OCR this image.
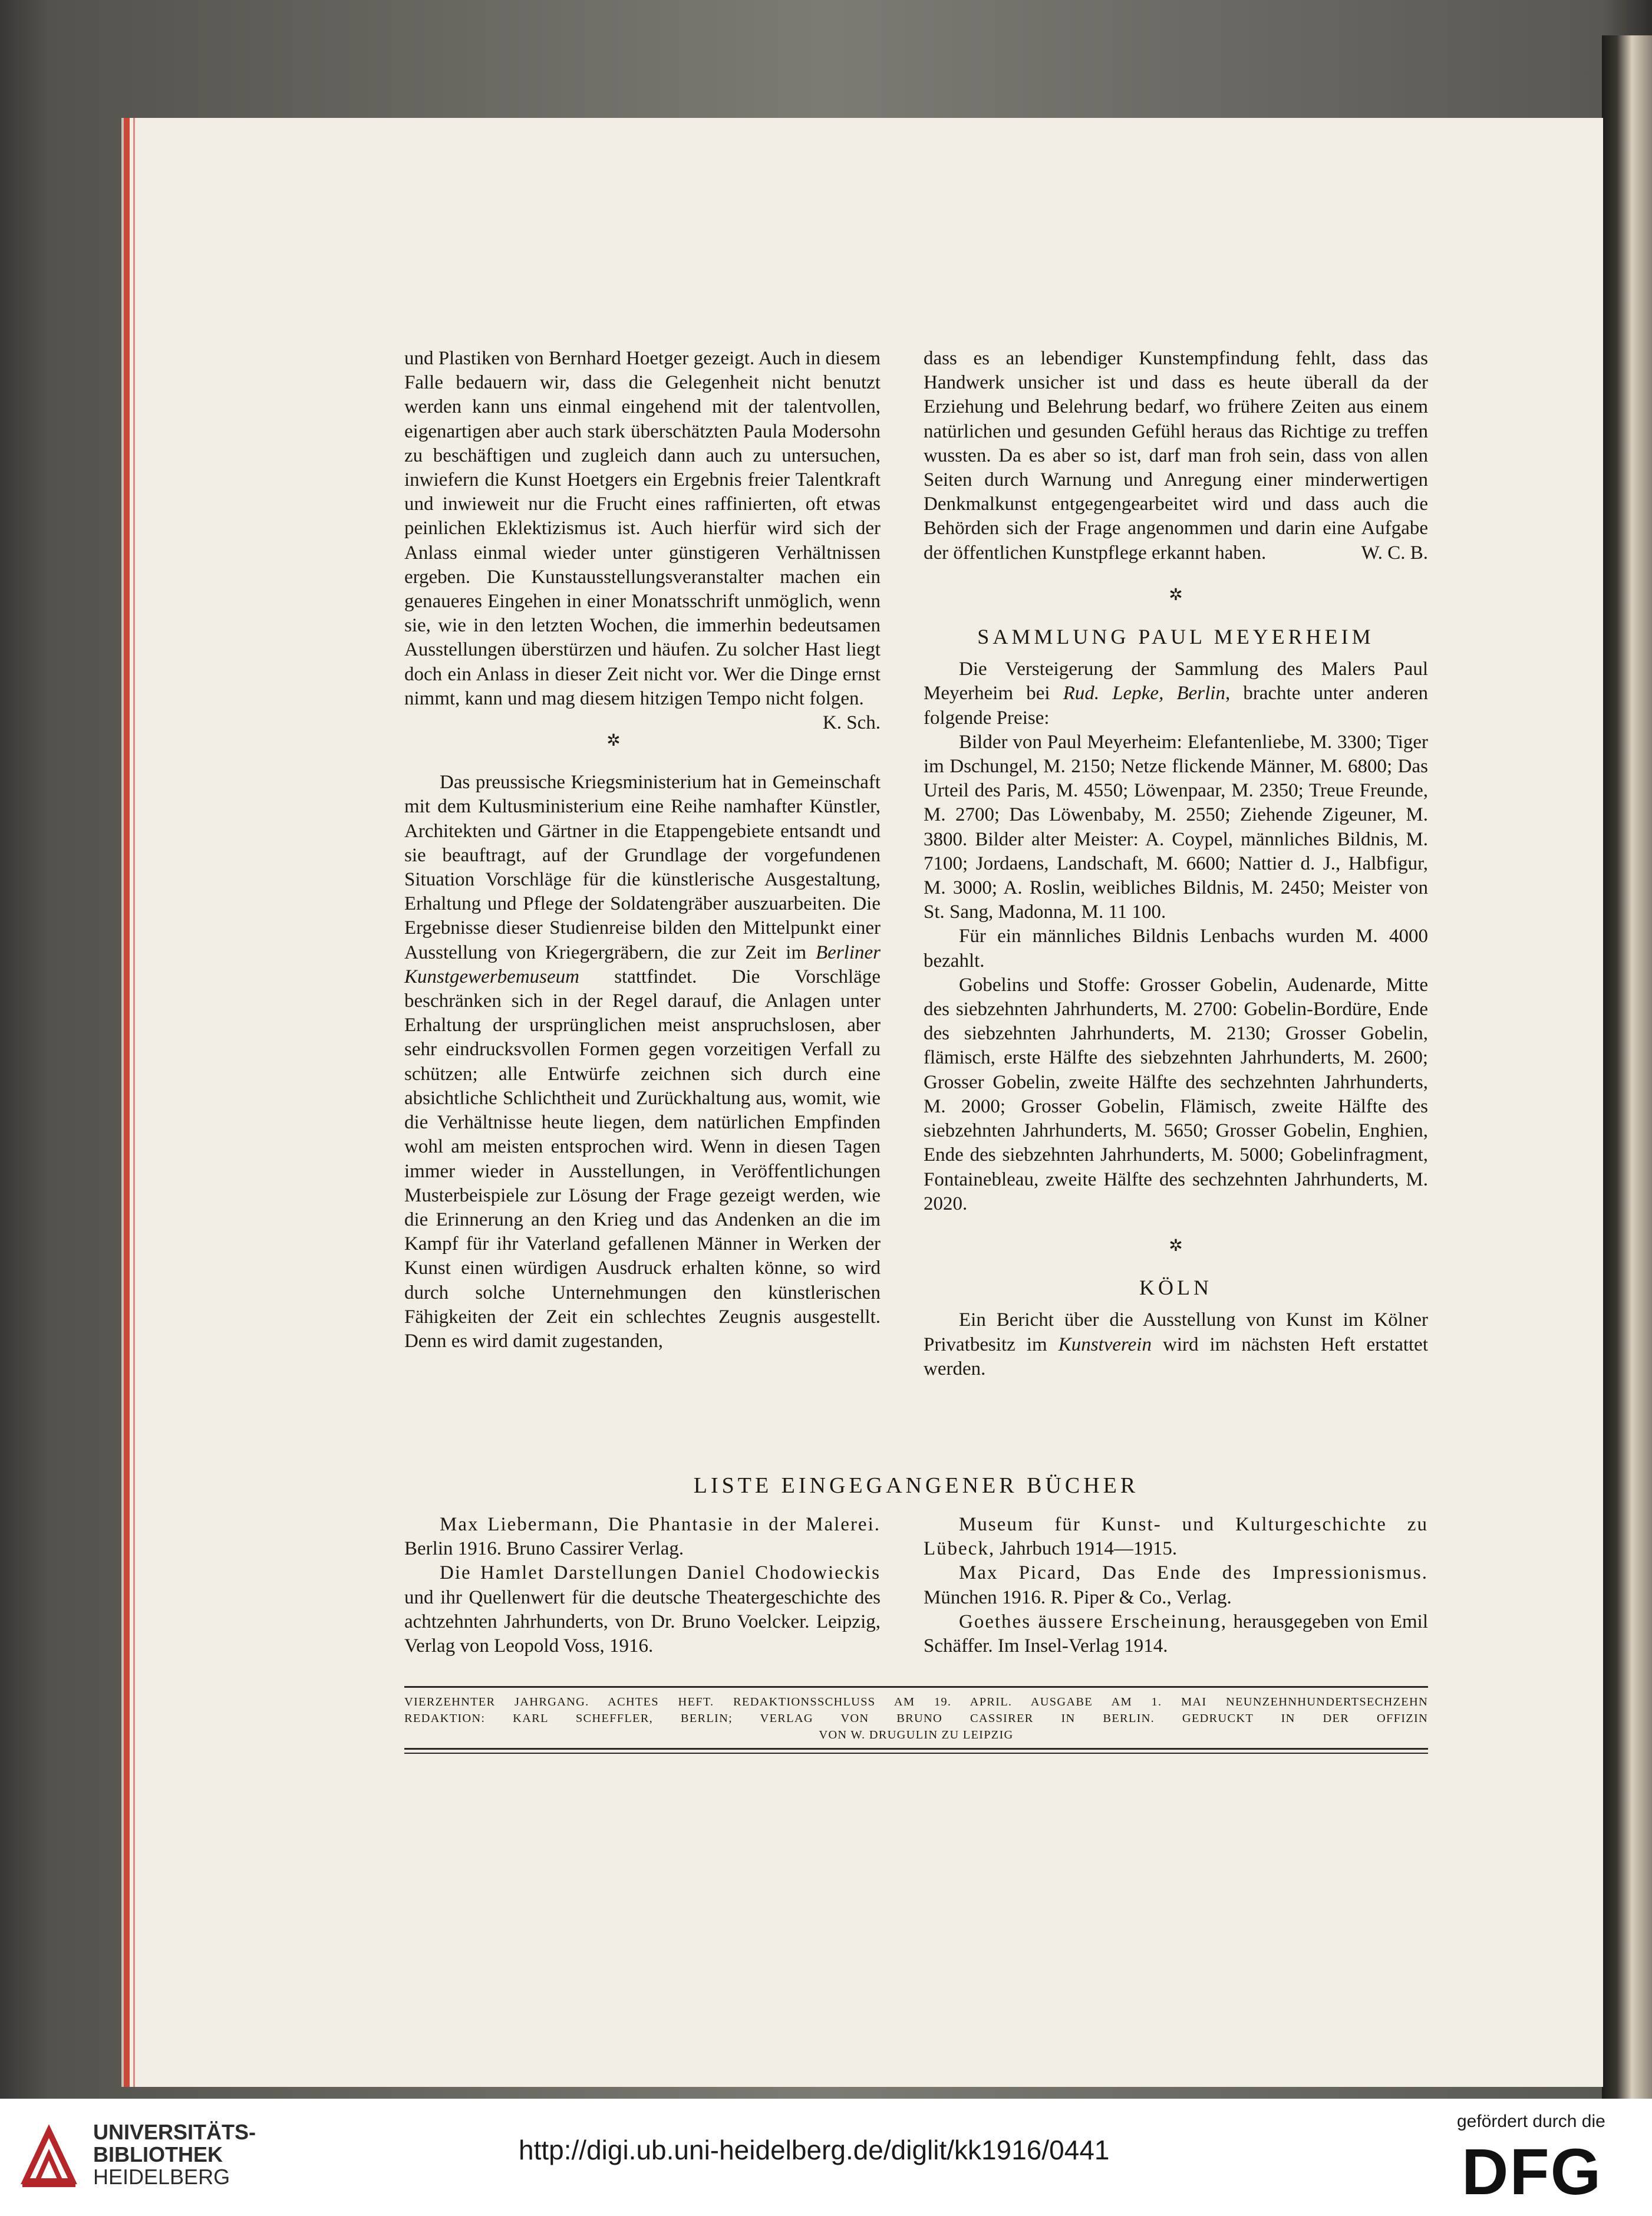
und Plastiken von Bernhard Hoetger gezeigt. Auch in diesem Falle bedauern wir, dass die Gelegenheit nicht benutzt werden kann uns einmal eingehend mit der talentvollen, eigenartigen aber auch stark überschätzten Paula Modersohn zu beschäftigen und zugleich dann auch zu untersuchen, inwiefern die Kunst Hoetgers ein Ergebnis freier Talentkraft und inwieweit nur die Frucht eines raffinierten, oft etwas peinlichen Eklektizismus ist. Auch hierfür wird sich der Anlass einmal wieder unter günstigeren Verhältnissen ergeben. Die Kunstausstellungsveranstalter machen ein genaueres Eingehen in einer Monatsschrift unmöglich, wenn sie, wie in den letzten Wochen, die immerhin bedeutsamen Ausstellungen überstürzen und häufen. Zu solcher Hast liegt doch ein Anlass in dieser Zeit nicht vor. Wer die Dinge ernst nimmt, kann und mag diesem hitzigen Tempo nicht folgen.
K. Sch.

✲

Das preussische Kriegsministerium hat in Gemeinschaft mit dem Kultusministerium eine Reihe namhafter Künstler, Architekten und Gärtner in die Etappengebiete entsandt und sie beauftragt, auf der Grundlage der vorgefundenen Situation Vorschläge für die künstlerische Ausgestaltung, Erhaltung und Pflege der Soldatengräber auszuarbeiten. Die Ergebnisse dieser Studienreise bilden den Mittelpunkt einer Ausstellung von Kriegergräbern, die zur Zeit im Berliner Kunstgewerbemuseum stattfindet. Die Vorschläge beschränken sich in der Regel darauf, die Anlagen unter Erhaltung der ursprünglichen meist anspruchslosen, aber sehr eindrucksvollen Formen gegen vorzeitigen Verfall zu schützen; alle Entwürfe zeichnen sich durch eine absichtliche Schlichtheit und Zurückhaltung aus, womit, wie die Verhältnisse heute liegen, dem natürlichen Empfinden wohl am meisten entsprochen wird. Wenn in diesen Tagen immer wieder in Ausstellungen, in Veröffentlichungen Musterbeispiele zur Lösung der Frage gezeigt werden, wie die Erinnerung an den Krieg und das Andenken an die im Kampf für ihr Vaterland gefallenen Männer in Werken der Kunst einen würdigen Ausdruck erhalten könne, so wird durch solche Unternehmungen den künstlerischen Fähigkeiten der Zeit ein schlechtes Zeugnis ausgestellt. Denn es wird damit zugestanden,

dass es an lebendiger Kunstempfindung fehlt, dass das Handwerk unsicher ist und dass es heute überall da der Erziehung und Belehrung bedarf, wo frühere Zeiten aus einem natürlichen und gesunden Gefühl heraus das Richtige zu treffen wussten. Da es aber so ist, darf man froh sein, dass von allen Seiten durch Warnung und Anregung einer minderwertigen Denkmalkunst entgegengearbeitet wird und dass auch die Behörden sich der Frage angenommen und darin eine Aufgabe der öffentlichen Kunstpflege erkannt haben.	W. C. B.

✲
SAMMLUNG PAUL MEYERHEIM

Die Versteigerung der Sammlung des Malers Paul Meyerheim bei Rud. Lepke, Berlin, brachte unter anderen folgende Preise:

Bilder von Paul Meyerheim: Elefantenliebe, M. 3300; Tiger im Dschungel, M. 2150; Netze flickende Männer, M. 6800; Das Urteil des Paris, M. 4550; Löwenpaar, M. 2350; Treue Freunde, M. 2700; Das Löwenbaby, M. 2550; Ziehende Zigeuner, M. 3800. Bilder alter Meister: A. Coypel, männliches Bildnis, M. 7100; Jordaens, Landschaft, M. 6600; Nattier d. J., Halbfigur, M. 3000; A. Roslin, weibliches Bildnis, M. 2450; Meister von St. Sang, Madonna, M. 11 100.

Für ein männliches Bildnis Lenbachs wurden M. 4000 bezahlt.

Gobelins und Stoffe: Grosser Gobelin, Audenarde, Mitte des siebzehnten Jahrhunderts, M. 2700: Gobelin-Bordüre, Ende des siebzehnten Jahrhunderts, M. 2130; Grosser Gobelin, flämisch, erste Hälfte des siebzehnten Jahrhunderts, M. 2600; Grosser Gobelin, zweite Hälfte des sechzehnten Jahrhunderts, M. 2000; Grosser Gobelin, Flämisch, zweite Hälfte des siebzehnten Jahrhunderts, M. 5650; Grosser Gobelin, Enghien, Ende des siebzehnten Jahrhunderts, M. 5000; Gobelinfragment, Fontainebleau, zweite Hälfte des sechzehnten Jahrhunderts, M. 2020.

✲
KÖLN

Ein Bericht über die Ausstellung von Kunst im Kölner Privatbesitz im Kunstverein wird im nächsten Heft erstattet werden.

LISTE EINGEGANGENER BÜCHER

Max Liebermann, Die Phantasie in der Malerei. Berlin 1916. Bruno Cassirer Verlag.

Die Hamlet Darstellungen Daniel Chodowieckis und ihr Quellenwert für die deutsche Theatergeschichte des achtzehnten Jahrhunderts, von Dr. Bruno Voelcker. Leipzig, Verlag von Leopold Voss, 1916.

Museum für Kunst- und Kulturgeschichte zu Lübeck, Jahrbuch 1914—1915.

Max Picard, Das Ende des Impressionismus. München 1916. R. Piper & Co., Verlag.

Goethes äussere Erscheinung, herausgegeben von Emil Schäffer. Im Insel-Verlag 1914.

VIERZEHNTER JAHRGANG. ACHTES HEFT. REDAKTIONSSCHLUSS AM 19. APRIL. AUSGABE AM 1. MAI NEUNZEHNHUNDERTSECHZEHN
REDAKTION: KARL SCHEFFLER, BERLIN; VERLAG VON BRUNO CASSIRER IN BERLIN. GEDRUCKT IN DER OFFIZIN
VON W. DRUGULIN ZU LEIPZIG
UNIVERSITÄTS-
BIBLIOTHEK
HEIDELBERG
http://digi.ub.uni-heidelberg.de/diglit/kk1916/0441
gefördert durch die
DFG
